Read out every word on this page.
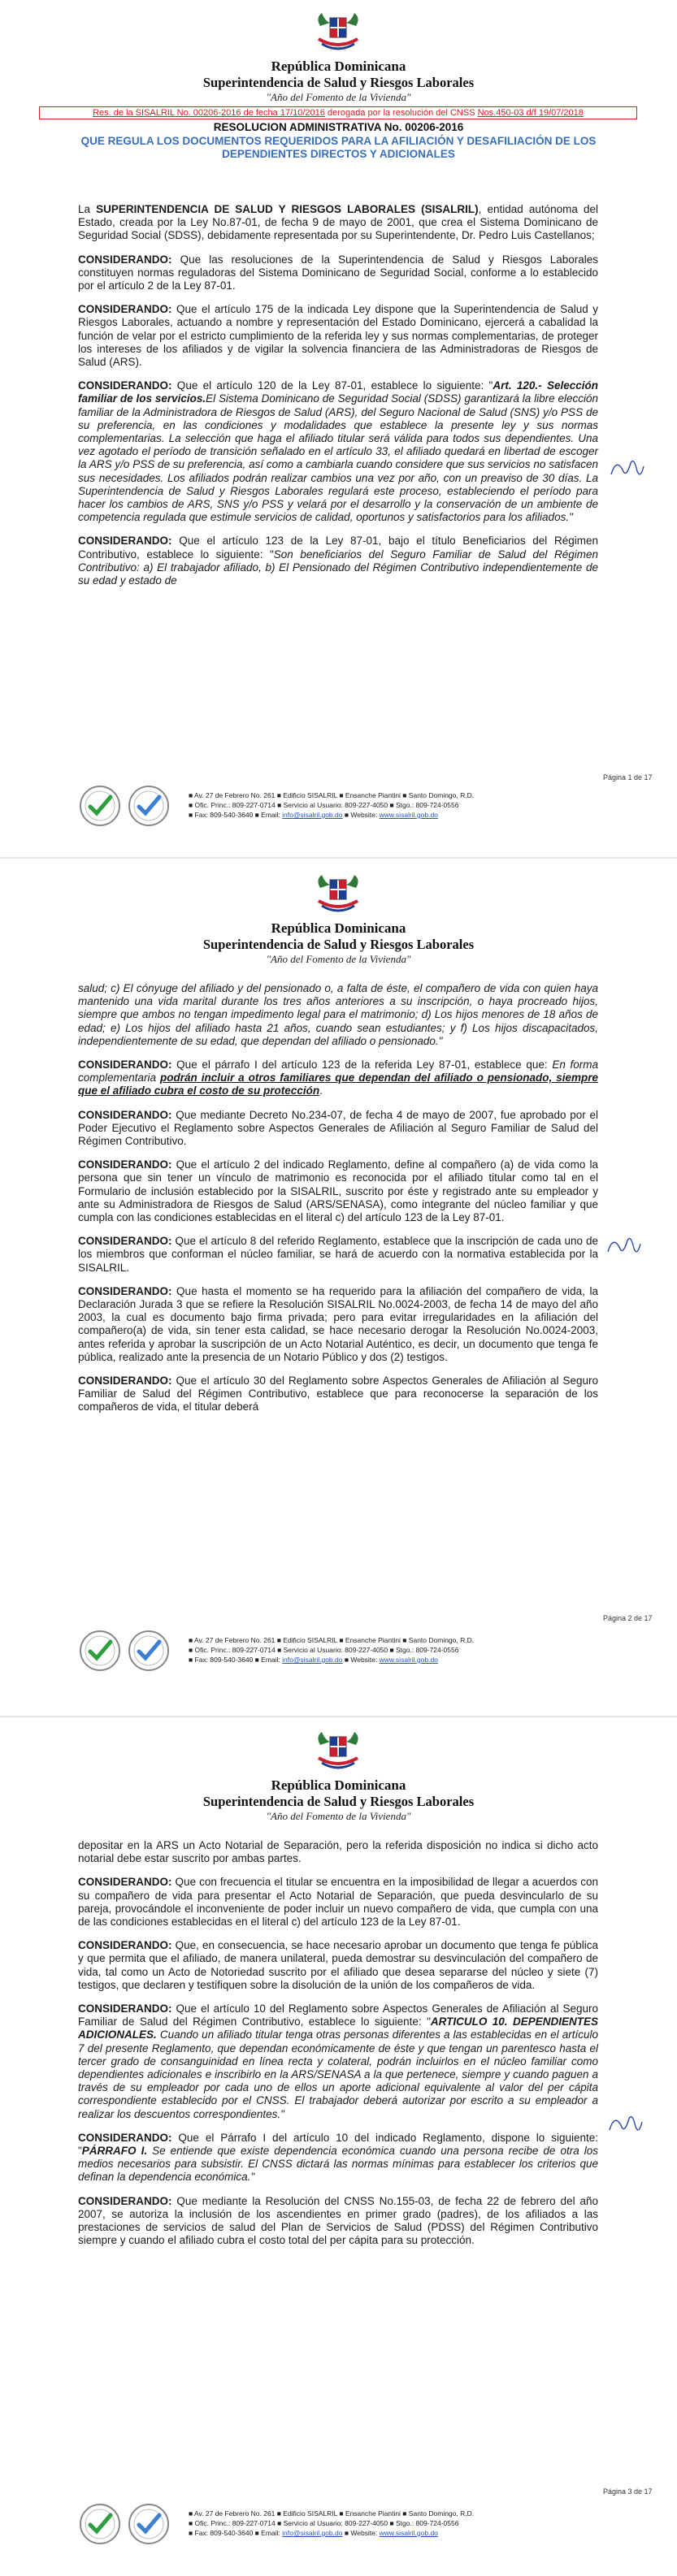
República Dominicana
Superintendencia de Salud y Riesgos Laborales
"Año del Fomento de la Vivienda"
Res. de la SISALRIL No. 00206-2016 de fecha 17/10/2016 derogada por la resolución del CNSS Nos.450-03 d/f 19/07/2018
RESOLUCION ADMINISTRATIVA No. 00206-2016
QUE REGULA LOS DOCUMENTOS REQUERIDOS PARA LA AFILIACIÓN Y DESAFILIACIÓN DE LOS DEPENDIENTES DIRECTOS Y ADICIONALES

La SUPERINTENDENCIA DE SALUD Y RIESGOS LABORALES (SISALRIL), entidad autónoma del Estado, creada por la Ley No.87-01, de fecha 9 de mayo de 2001, que crea el Sistema Dominicano de Seguridad Social (SDSS), debidamente representada por su Superintendente, Dr. Pedro Luis Castellanos;

CONSIDERANDO: Que las resoluciones de la Superintendencia de Salud y Riesgos Laborales constituyen normas reguladoras del Sistema Dominicano de Seguridad Social, conforme a lo establecido por el artículo 2 de la Ley 87-01.

CONSIDERANDO: Que el artículo 175 de la indicada Ley dispone que la Superintendencia de Salud y Riesgos Laborales, actuando a nombre y representación del Estado Dominicano, ejercerá a cabalidad la función de velar por el estricto cumplimiento de la referida ley y sus normas complementarias, de proteger los intereses de los afiliados y de vigilar la solvencia financiera de las Administradoras de Riesgos de Salud (ARS).

CONSIDERANDO: Que el artículo 120 de la Ley 87-01, establece lo siguiente: "Art. 120.- Selección familiar de los servicios.El Sistema Dominicano de Seguridad Social (SDSS) garantizará la libre elección familiar de la Administradora de Riesgos de Salud (ARS), del Seguro Nacional de Salud (SNS) y/o PSS de su preferencia, en las condiciones y modalidades que establece la presente ley y sus normas complementarias. La selección que haga el afiliado titular será válida para todos sus dependientes. Una vez agotado el período de transición señalado en el artículo 33, el afiliado quedará en libertad de escoger la ARS y/o PSS de su preferencia, así como a cambiarla cuando considere que sus servicios no satisfacen sus necesidades. Los afiliados podrán realizar cambios una vez por año, con un preaviso de 30 días. La Superintendencia de Salud y Riesgos Laborales regulará este proceso, estableciendo el período para hacer los cambios de ARS, SNS y/o PSS y velará por el desarrollo y la conservación de un ambiente de competencia regulada que estimule servicios de calidad, oportunos y satisfactorios para los afiliados."

CONSIDERANDO: Que el artículo 123 de la Ley 87-01, bajo el título Beneficiarios del Régimen Contributivo, establece lo siguiente: "Son beneficiarios del Seguro Familiar de Salud del Régimen Contributivo: a) El trabajador afiliado, b) El Pensionado del Régimen Contributivo independientemente de su edad y estado de

Página 1 de 17
■ Av. 27 de Febrero No. 261 ■ Edificio SISALRIL ■ Ensanche Piantini ■ Santo Domingo, R.D.
■ Ofic. Princ.: 809-227-0714 ■ Servicio al Usuario: 809-227-4050 ■ Stgo.: 809-724-0556
■ Fax: 809-540-3640 ■ Email: info@sisalril.gob.do ■ Website: www.sisalril.gob.do
República Dominicana
Superintendencia de Salud y Riesgos Laborales
"Año del Fomento de la Vivienda"

salud; c) El cónyuge del afiliado y del pensionado o, a falta de éste, el compañero de vida con quien haya mantenido una vida marital durante los tres años anteriores a su inscripción, o haya procreado hijos, siempre que ambos no tengan impedimento legal para el matrimonio; d) Los hijos menores de 18 años de edad; e) Los hijos del afiliado hasta 21 años, cuando sean estudiantes; y f) Los hijos discapacitados, independientemente de su edad, que dependan del afiliado o pensionado."

CONSIDERANDO: Que el párrafo I del artículo 123 de la referida Ley 87-01, establece que: En forma complementaria podrán incluir a otros familiares que dependan del afiliado o pensionado, siempre que el afiliado cubra el costo de su protección.

CONSIDERANDO: Que mediante Decreto No.234-07, de fecha 4 de mayo de 2007, fue aprobado por el Poder Ejecutivo el Reglamento sobre Aspectos Generales de Afiliación al Seguro Familiar de Salud del Régimen Contributivo.

CONSIDERANDO: Que el artículo 2 del indicado Reglamento, define al compañero (a) de vida como la persona que sin tener un vínculo de matrimonio es reconocida por el afiliado titular como tal en el Formulario de inclusión establecido por la SISALRIL, suscrito por éste y registrado ante su empleador y ante su Administradora de Riesgos de Salud (ARS/SENASA), como integrante del núcleo familiar y que cumpla con las condiciones establecidas en el literal c) del artículo 123 de la Ley 87-01.

CONSIDERANDO: Que el artículo 8 del referido Reglamento, establece que la inscripción de cada uno de los miembros que conforman el núcleo familiar, se hará de acuerdo con la normativa establecida por la SISALRIL.

CONSIDERANDO: Que hasta el momento se ha requerido para la afiliación del compañero de vida, la Declaración Jurada 3 que se refiere la Resolución SISALRIL No.0024-2003, de fecha 14 de mayo del año 2003, la cual es documento bajo firma privada; pero para evitar irregularidades en la afiliación del compañero(a) de vida, sin tener esta calidad, se hace necesario derogar la Resolución No.0024-2003, antes referida y aprobar la suscripción de un Acto Notarial Auténtico, es decir, un documento que tenga fe pública, realizado ante la presencia de un Notario Público y dos (2) testigos.

CONSIDERANDO: Que el artículo 30 del Reglamento sobre Aspectos Generales de Afiliación al Seguro Familiar de Salud del Régimen Contributivo, establece que para reconocerse la separación de los compañeros de vida, el titular deberá

Página 2 de 17
■ Av. 27 de Febrero No. 261 ■ Edificio SISALRIL ■ Ensanche Piantini ■ Santo Domingo, R.D.
■ Ofic. Princ.: 809-227-0714 ■ Servicio al Usuario: 809-227-4050 ■ Stgo.: 809-724-0556
■ Fax: 809-540-3640 ■ Email: info@sisalril.gob.do ■ Website: www.sisalril.gob.do
República Dominicana
Superintendencia de Salud y Riesgos Laborales
"Año del Fomento de la Vivienda"

depositar en la ARS un Acto Notarial de Separación, pero la referida disposición no indica si dicho acto notarial debe estar suscrito por ambas partes.

CONSIDERANDO: Que con frecuencia el titular se encuentra en la imposibilidad de llegar a acuerdos con su compañero de vida para presentar el Acto Notarial de Separación, que pueda desvincularlo de su pareja, provocándole el inconveniente de poder incluir un nuevo compañero de vida, que cumpla con una de las condiciones establecidas en el literal c) del artículo 123 de la Ley 87-01.

CONSIDERANDO: Que, en consecuencia, se hace necesario aprobar un documento que tenga fe pública y que permita que el afiliado, de manera unilateral, pueda demostrar su desvinculación del compañero de vida, tal como un Acto de Notoriedad suscrito por el afiliado que desea separarse del núcleo y siete (7) testigos, que declaren y testifiquen sobre la disolución de la unión de los compañeros de vida.

CONSIDERANDO: Que el artículo 10 del Reglamento sobre Aspectos Generales de Afiliación al Seguro Familiar de Salud del Régimen Contributivo, establece lo siguiente: "ARTICULO 10. DEPENDIENTES ADICIONALES. Cuando un afiliado titular tenga otras personas diferentes a las establecidas en el artículo 7 del presente Reglamento, que dependan económicamente de éste y que tengan un parentesco hasta el tercer grado de consanguinidad en línea recta y colateral, podrán incluirlos en el núcleo familiar como dependientes adicionales e inscribirlo en la ARS/SENASA a la que pertenece, siempre y cuando paguen a través de su empleador por cada uno de ellos un aporte adicional equivalente al valor del per cápita correspondiente establecido por el CNSS. El trabajador deberá autorizar por escrito a su empleador a realizar los descuentos correspondientes."

CONSIDERANDO: Que el Párrafo I del artículo 10 del indicado Reglamento, dispone lo siguiente: "PÁRRAFO I. Se entiende que existe dependencia económica cuando una persona recibe de otra los medios necesarios para subsistir. El CNSS dictará las normas mínimas para establecer los criterios que definan la dependencia económica."

CONSIDERANDO: Que mediante la Resolución del CNSS No.155-03, de fecha 22 de febrero del año 2007, se autoriza la inclusión de los ascendientes en primer grado (padres), de los afiliados a las prestaciones de servicios de salud del Plan de Servicios de Salud (PDSS) del Régimen Contributivo siempre y cuando el afiliado cubra el costo total del per cápita para su protección.

Página 3 de 17
■ Av. 27 de Febrero No. 261 ■ Edificio SISALRIL ■ Ensanche Piantini ■ Santo Domingo, R.D.
■ Ofic. Princ.: 809-227-0714 ■ Servicio al Usuario: 809-227-4050 ■ Stgo.: 809-724-0556
■ Fax: 809-540-3640 ■ Email: info@sisalril.gob.do ■ Website: www.sisalril.gob.do
